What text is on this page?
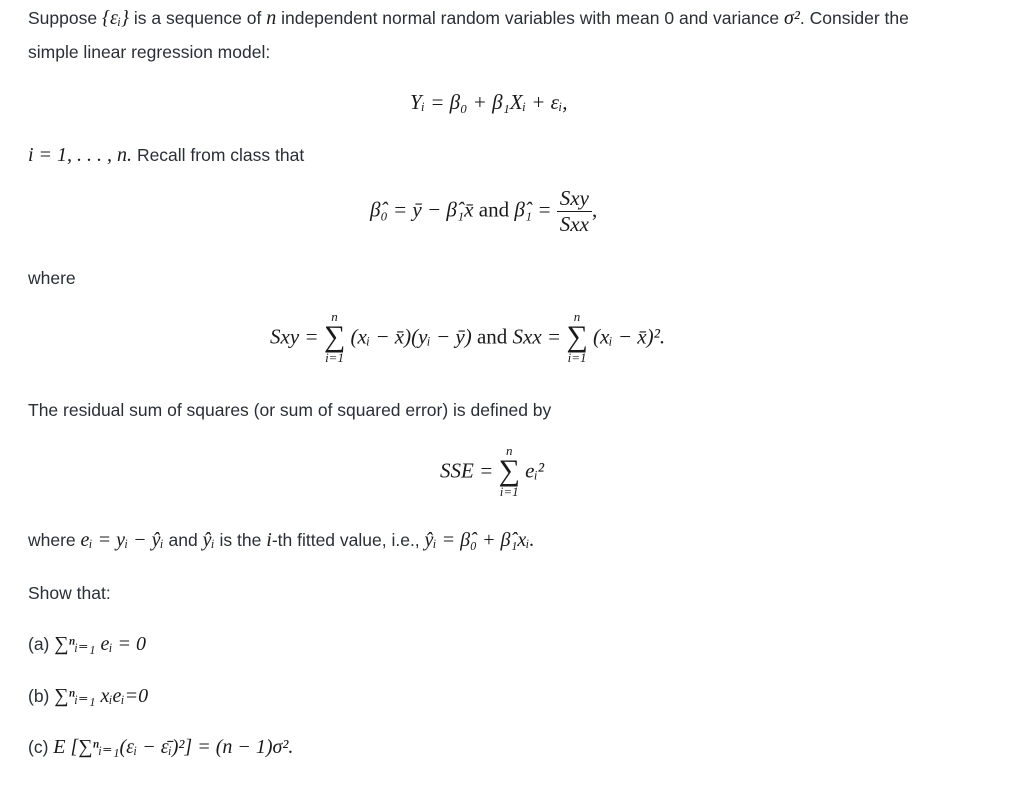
Suppose {εᵢ} is a sequence of n independent normal random variables with mean 0 and variance σ². Consider the
simple linear regression model:
Yᵢ = β₀ + β₁Xᵢ + εᵢ,
i = 1, . . . , n. Recall from class that
β̂₀ = ȳ − β̂₁x̄ and β̂₁ = $\frac{\text{Sxy}}{\text{Sxx}}$ ,
where
Sxy =
n
∑
i=1
(xᵢ − x̄)(yᵢ − ȳ) and Sxx =
n
∑
i=1
(xᵢ − x̄)².
The residual sum of squares (or sum of squared error) is defined by
SSE =
n
∑
i=1
eᵢ²
where eᵢ = yᵢ − ŷᵢ and ŷᵢ is the i-th fitted value, i.e., ŷᵢ = β̂₀ + β̂₁xᵢ.
Show that:
(a) ∑ⁿᵢ₌₁ eᵢ = 0
(b) ∑ⁿᵢ₌₁ xᵢeᵢ=0
(c) E [∑ⁿᵢ₌₁(εᵢ − ε̄ᵢ)²] = (n − 1)σ².
